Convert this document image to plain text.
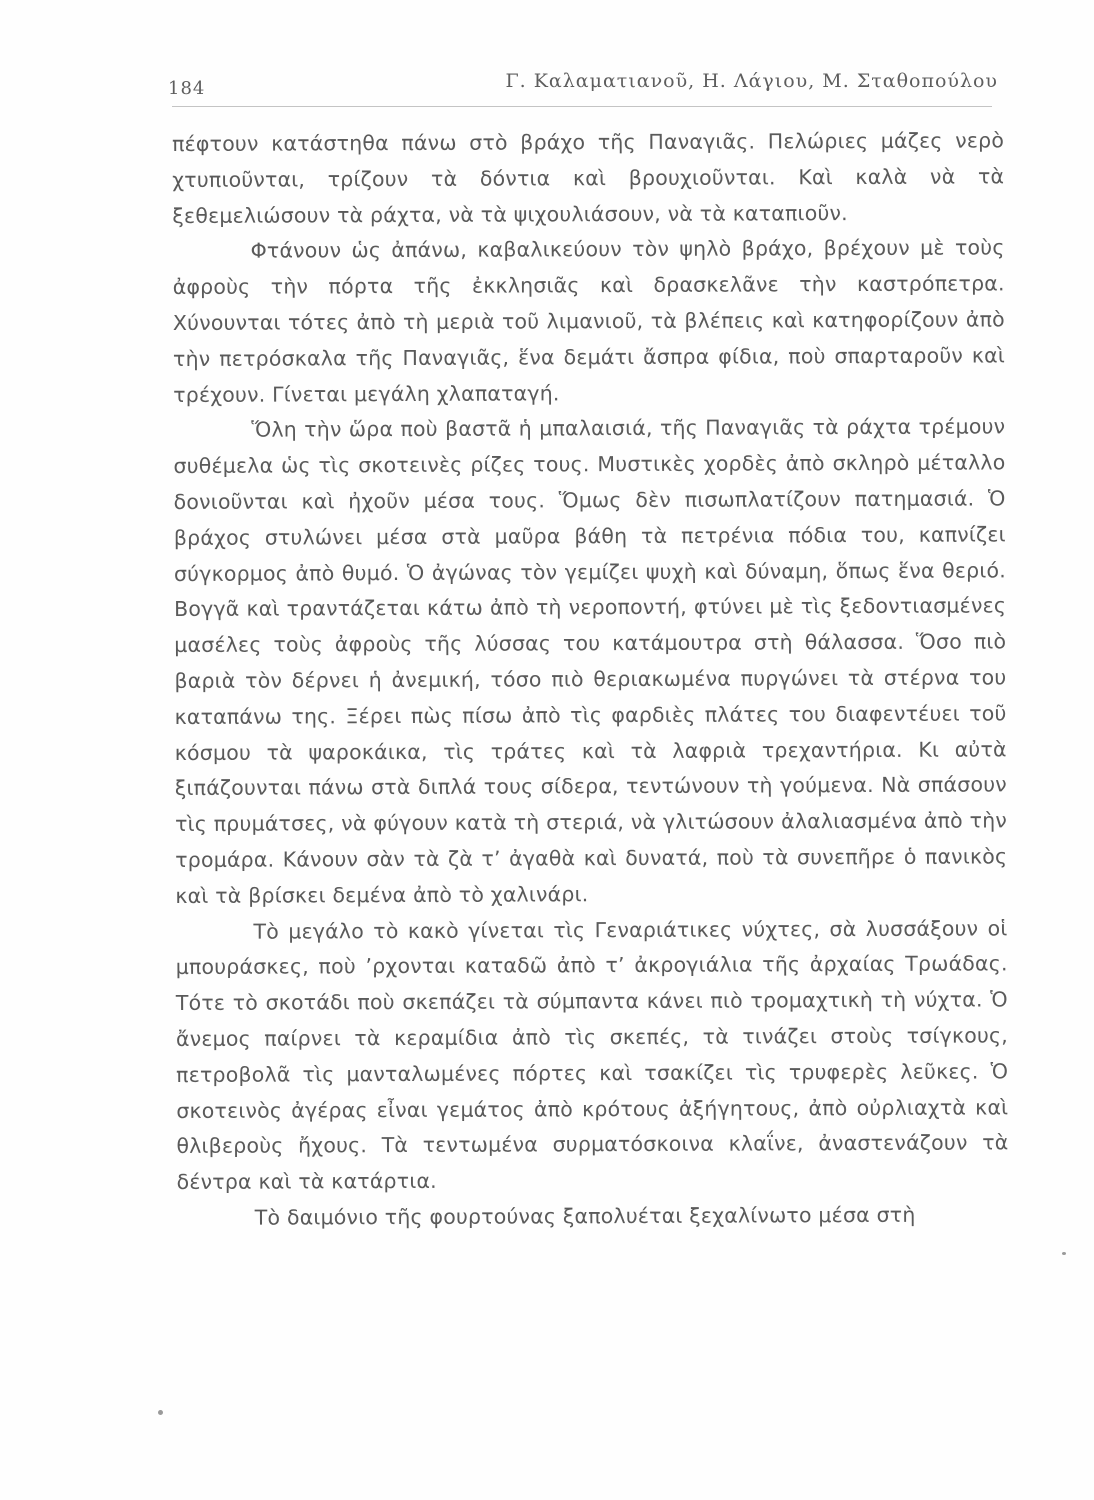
184	Γ. Καλαματιανοῦ, Η. Λάγιου, Μ. Σταθοπούλου

πέφτουν κατάστηθα πάνω στὸ βράχο τῆς Παναγιᾶς. Πελώριες μάζες νερὸ χτυπιοῦνται, τρίζουν τὰ δόντια καὶ βρουχιοῦνται. Καὶ καλὰ νὰ τὰ ξεθεμελιώσουν τὰ ράχτα, νὰ τὰ ψιχουλιάσουν, νὰ τὰ καταπιοῦν.

Φτάνουν ὡς ἀπάνω, καβαλικεύουν τὸν ψηλὸ βράχο, βρέχουν μὲ τοὺς ἀφροὺς τὴν πόρτα τῆς ἐκκλησιᾶς καὶ δρασκελᾶνε τὴν καστρόπετρα. Χύνουνται τότες ἀπὸ τὴ μεριὰ τοῦ λιμανιοῦ, τὰ βλέπεις καὶ κατηφορίζουν ἀπὸ τὴν πετρόσκαλα τῆς Παναγιᾶς, ἕνα δεμάτι ἄσπρα φίδια, ποὺ σπαρταροῦν καὶ τρέχουν. Γίνεται μεγάλη χλαπαταγή.

Ὅλη τὴν ὥρα ποὺ βαστᾶ ἡ μπαλαισιά, τῆς Παναγιᾶς τὰ ράχτα τρέμουν συθέμελα ὡς τὶς σκοτεινὲς ρίζες τους. Μυστικὲς χορδὲς ἀπὸ σκληρὸ μέταλλο δονιοῦνται καὶ ἠχοῦν μέσα τους. Ὅμως δὲν πισωπλατίζουν πατημασιά. Ὁ βράχος στυλώνει μέσα στὰ μαῦρα βάθη τὰ πετρένια πόδια του, καπνίζει σύγκορμος ἀπὸ θυμό. Ὁ ἀγώνας τὸν γεμίζει ψυχὴ καὶ δύναμη, ὅπως ἕνα θεριό. Βογγᾶ καὶ τραντάζεται κάτω ἀπὸ τὴ νεροποντή, φτύνει μὲ τὶς ξεδοντιασμένες μασέλες τοὺς ἀφροὺς τῆς λύσσας του κατάμουτρα στὴ θάλασσα. Ὅσο πιὸ βαριὰ τὸν δέρνει ἡ ἀνεμική, τόσο πιὸ θεριακωμένα πυργώνει τὰ στέρνα του καταπάνω της. Ξέρει πὼς πίσω ἀπὸ τὶς φαρδιὲς πλάτες του διαφεντέυει τοῦ κόσμου τὰ ψαροκάικα, τὶς τράτες καὶ τὰ λαφριὰ τρεχαντήρια. Κι αὐτὰ ξιπάζουνται πάνω στὰ διπλά τους σίδερα, τεντώνουν τὴ γούμενα. Νὰ σπάσουν τὶς πρυμάτσες, νὰ φύγουν κατὰ τὴ στεριά, νὰ γλιτώσουν ἀλαλιασμένα ἀπὸ τὴν τρομάρα. Κάνουν σὰν τὰ ζὰ τ’ ἀγαθὰ καὶ δυνατά, ποὺ τὰ συνεπῆρε ὁ πανικὸς καὶ τὰ βρίσκει δεμένα ἀπὸ τὸ χαλινάρι.

Τὸ μεγάλο τὸ κακὸ γίνεται τὶς Γεναριάτικες νύχτες, σὰ λυσσάξουν οἱ μπουράσκες, ποὺ ’ρχονται καταδῶ ἀπὸ τ’ ἀκρογιάλια τῆς ἀρχαίας Τρωάδας. Τότε τὸ σκοτάδι ποὺ σκεπάζει τὰ σύμπαντα κάνει πιὸ τρομαχτικὴ τὴ νύχτα. Ὁ ἄνεμος παίρνει τὰ κεραμίδια ἀπὸ τὶς σκεπές, τὰ τινάζει στοὺς τσίγκους, πετροβολᾶ τὶς μανταλωμένες πόρτες καὶ τσακίζει τὶς τρυφερὲς λεῦκες. Ὁ σκοτεινὸς ἀγέρας εἶναι γεμάτος ἀπὸ κρότους ἀξήγητους, ἀπὸ οὐρλιαχτὰ καὶ θλιβεροὺς ἤχους. Τὰ τεντωμένα συρματόσκοινα κλαΐνε, ἀναστενάζουν τὰ δέντρα καὶ τὰ κατάρτια.

Τὸ δαιμόνιο τῆς φουρτούνας ξαπολυέται ξεχαλίνωτο μέσα στὴ
